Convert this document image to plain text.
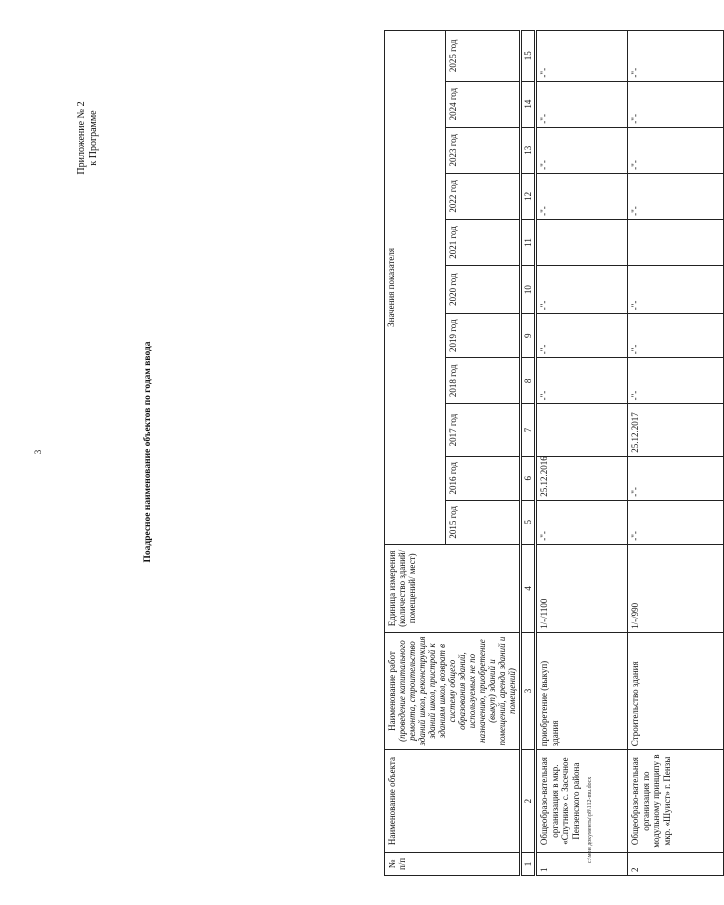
3
Приложение № 2 к Программе
Поадресное наименование объектов по годам ввода
№ п/п	Наименование объекта	Наименование работ (проведение капитального ремонта, строительство зданий школ, реконструкция зданий школ, пристрой к зданиям школ, возврат в систему общего образования зданий, используемых не по назначению, приобретение (выкуп) зданий и помещений, аренда зданий и помещений)	Единица измерения (количество зданий/ помещений/ мест)	Значения показателя										
				2015 год	2016 год	2017 год	2018 год	2019 год	2020 год	2021 год	2022 год	2023 год	2024 год	2025 год
1	2	3	4	5	6	7	8	9	10	11	12	13	14	15
1	Общеобразо-вательная организация в мкр. «Спутник» с. Засечное Пензенского района	приобретение (выкуп) здания	1/-/1100	-"-	25.12.2016		-"-	-"-	-"-		-"-	-"-	-"-	-"-
2	Общеобразо-вательная организация по модульному принципу в мкр. «Шуист» г. Пензы	Строительство здания	1/-/990	-"-	-"-	25.12.2017	-"-	-"-	-"-		-"-	-"-	-"-	-"-
c:\мои документы\p8\112-mu.docx
